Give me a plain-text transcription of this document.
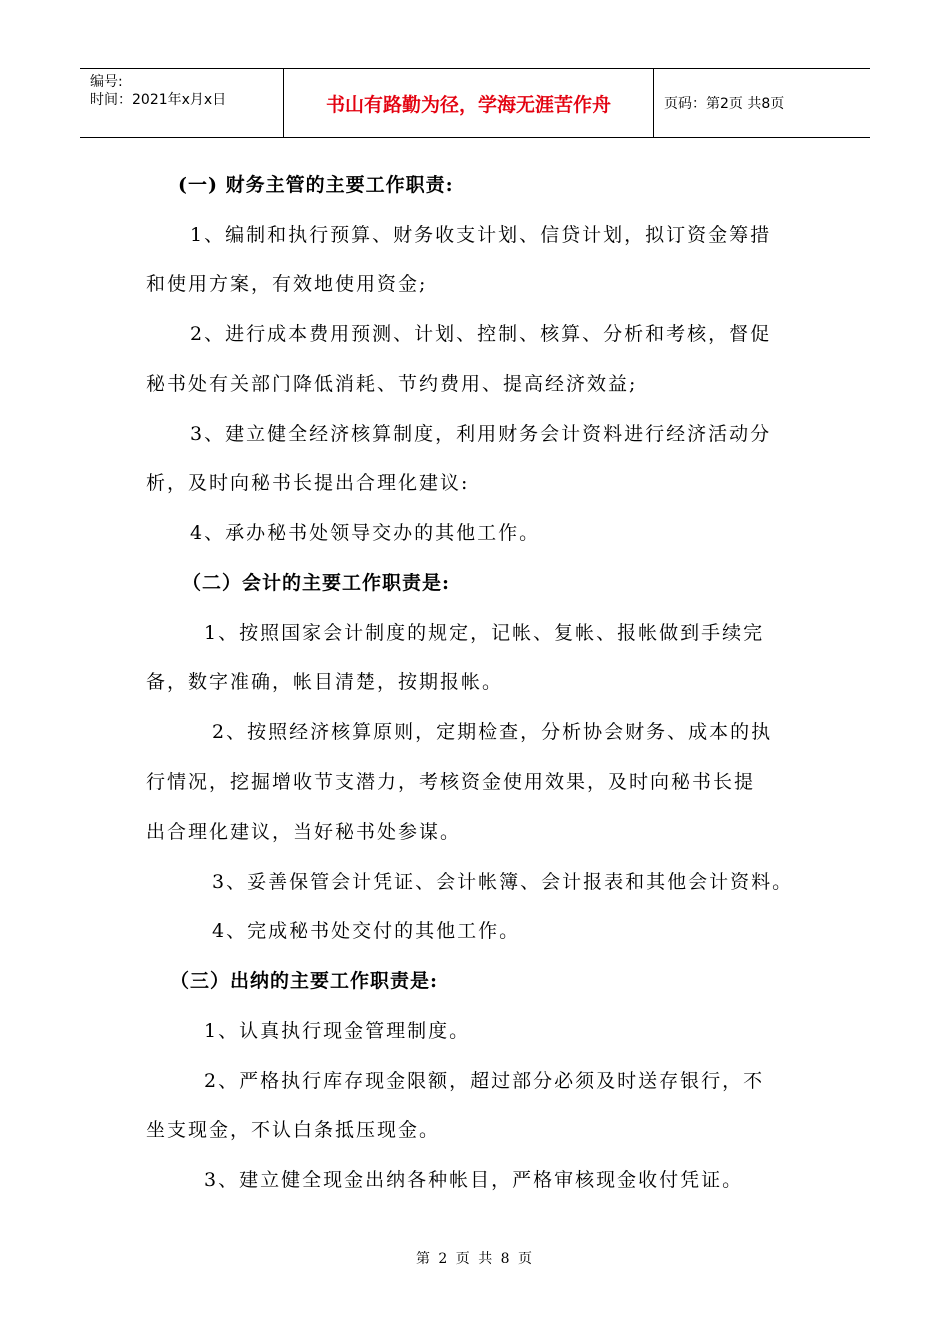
编号:
时间：2021年x月x日	书山有路勤为径，学海无涯苦作舟	页码：第2页 共8页
(一) 财务主管的主要工作职责:
1、编制和执行预算、财务收支计划、信贷计划，拟订资金筹措
和使用方案，有效地使用资金;
2、进行成本费用预测、计划、控制、核算、分析和考核，督促
秘书处有关部门降低消耗、节约费用、提高经济效益;
3、建立健全经济核算制度，利用财务会计资料进行经济活动分
析，及时向秘书长提出合理化建议:
4、承办秘书处领导交办的其他工作。
（二）会计的主要工作职责是:
1、按照国家会计制度的规定，记帐、复帐、报帐做到手续完
备，数字准确，帐目清楚，按期报帐。
2、按照经济核算原则，定期检查，分析协会财务、成本的执
行情况，挖掘增收节支潜力，考核资金使用效果，及时向秘书长提
出合理化建议，当好秘书处参谋。
3、妥善保管会计凭证、会计帐簿、会计报表和其他会计资料。
4、完成秘书处交付的其他工作。
（三）出纳的主要工作职责是:
1、认真执行现金管理制度。
2、严格执行库存现金限额，超过部分必须及时送存银行，不
坐支现金，不认白条抵压现金。
3、建立健全现金出纳各种帐目，严格审核现金收付凭证。
第 2 页 共 8 页
